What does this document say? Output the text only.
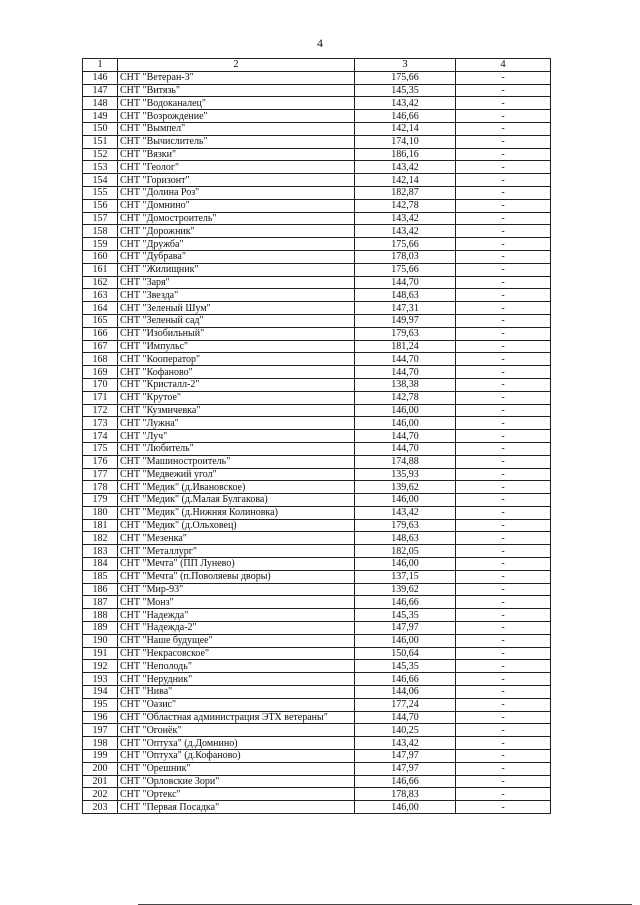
4
1	2	3	4
146	СНТ "Ветеран-3"	175,66	-
147	СНТ "Витязь"	145,35	-
148	СНТ "Водоканалец"	143,42	-
149	СНТ "Возрождение"	146,66	-
150	СНТ "Вымпел"	142,14	-
151	СНТ "Вычислитель"	174,10	-
152	СНТ "Вязки"	186,16	-
153	СНТ "Геолог"	143,42	-
154	СНТ "Горизонт"	142,14	-
155	СНТ "Долина Роз"	182,87	-
156	СНТ "Домнино"	142,78	-
157	СНТ "Домостроитель"	143,42	-
158	СНТ "Дорожник"	143,42	-
159	СНТ "Дружба"	175,66	-
160	СНТ "Дубрава"	178,03	-
161	СНТ "Жилищник"	175,66	-
162	СНТ "Заря"	144,70	-
163	СНТ "Звезда"	148,63	-
164	СНТ "Зеленый Шум"	147,31	-
165	СНТ "Зеленый сад"	149,97	-
166	СНТ "Изобильный"	179,63	-
167	СНТ "Импульс"	181,24	-
168	СНТ "Кооператор"	144,70	-
169	СНТ "Кофаново"	144,70	-
170	СНТ "Кристалл-2"	138,38	-
171	СНТ "Крутое"	142,78	-
172	СНТ "Кузмичевка"	146,00	-
173	СНТ "Лужна"	146,00	-
174	СНТ "Луч"	144,70	-
175	СНТ "Любитель"	144,70	-
176	СНТ "Машиностроитель"	174,88	-
177	СНТ "Медвежий угол"	135,93	-
178	СНТ "Медик" (д.Ивановское)	139,62	-
179	СНТ "Медик" (д.Малая Булгакова)	146,00	-
180	СНТ "Медик" (д.Нижняя Колиновка)	143,42	-
181	СНТ "Медик" (д.Ольховец)	179,63	-
182	СНТ "Мезенка"	148,63	-
183	СНТ "Металлург"	182,05	-
184	СНТ "Мечта" (ПП Лунево)	146,00	-
185	СНТ "Мечта" (п.Поволяевы дворы)	137,15	-
186	СНТ "Мир-93"	139,62	-
187	СНТ "Монз"	146,66	-
188	СНТ "Надежда"	145,35	-
189	СНТ "Надежда-2"	147,97	-
190	СНТ "Наше будущее"	146,00	-
191	СНТ "Некрасовское"	150,64	-
192	СНТ "Неполодь"	145,35	-
193	СНТ "Нерудник"	146,66	-
194	СНТ "Нива"	144,06	-
195	СНТ "Оазис"	177,24	-
196	СНТ "Областная администрация ЭТХ ветераны"	144,70	-
197	СНТ "Огонёк"	140,25	-
198	СНТ "Оптуха" (д.Домнино)	143,42	-
199	СНТ "Оптуха" (д.Кофаново)	147,97	-
200	СНТ "Орешник"	147,97	-
201	СНТ "Орловские Зори"	146,66	-
202	СНТ "Ортекс"	178,83	-
203	СНТ "Первая Посадка"	146,00	-
